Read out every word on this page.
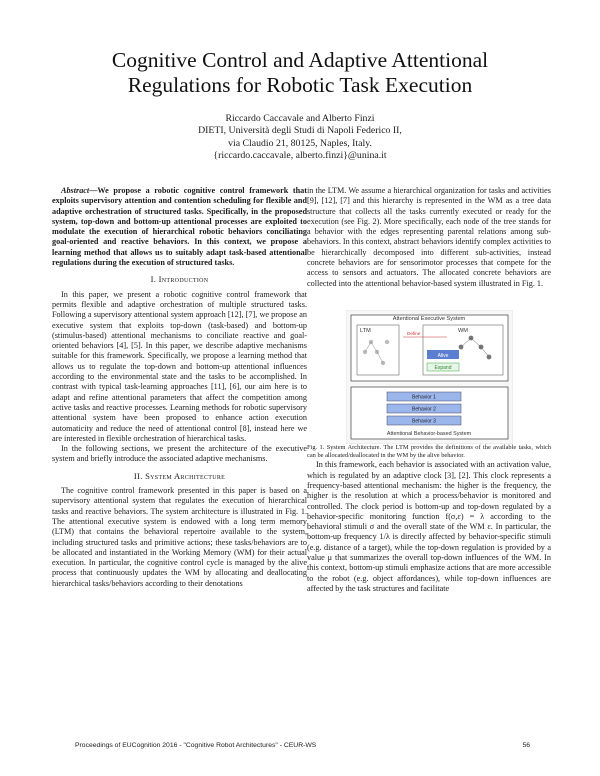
Cognitive Control and Adaptive Attentional
Regulations for Robotic Task Execution
Riccardo Caccavale and Alberto Finzi
DIETI, Università degli Studi di Napoli Federico II,
via Claudio 21, 80125, Naples, Italy.
{riccardo.caccavale, alberto.finzi}@unina.it

Abstract—We propose a robotic cognitive control framework that exploits supervisory attention and contention scheduling for flexible and adaptive orchestration of structured tasks. Specifically, in the proposed system, top-down and bottom-up attentional processes are exploited to modulate the execution of hierarchical robotic behaviors conciliating goal-oriented and reactive behaviors. In this context, we propose a learning method that allows us to suitably adapt task-based attentional regulations during the execution of structured tasks.

I. Introduction

In this paper, we present a robotic cognitive control framework that permits flexible and adaptive orchestration of multiple structured tasks. Following a supervisory attentional system approach [12], [7], we propose an executive system that exploits top-down (task-based) and bottom-up (stimulus-based) attentional mechanisms to conciliate reactive and goal-oriented behaviors [4], [5]. In this paper, we describe adaptive mechanisms suitable for this framework. Specifically, we propose a learning method that allows us to regulate the top-down and bottom-up attentional influences according to the environmental state and the tasks to be accomplished. In contrast with typical task-learning approaches [11], [6], our aim here is to adapt and refine attentional parameters that affect the competition among active tasks and reactive processes. Learning methods for robotic supervisory attentional system have been proposed to enhance action execution automaticity and reduce the need of attentional control [8], instead here we are interested in flexible orchestration of hierarchical tasks.

In the following sections, we present the architecture of the executive system and briefly introduce the associated adaptive mechanisms.

II. System Architecture

The cognitive control framework presented in this paper is based on a supervisory attentional system that regulates the execution of hierarchical tasks and reactive behaviors. The system architecture is illustrated in Fig. 1. The attentional executive system is endowed with a long term memory (LTM) that contains the behavioral repertoire available to the system, including structured tasks and primitive actions; these tasks/behaviors are to be allocated and instantiated in the Working Memory (WM) for their actual execution. In particular, the cognitive control cycle is managed by the alive process that continuously updates the WM by allocating and deallocating hierarchical tasks/behaviors according to their denotations

in the LTM. We assume a hierarchical organization for tasks and activities [9], [12], [7] and this hierarchy is represented in the WM as a tree data structure that collects all the tasks currently executed or ready for the execution (see Fig. 2). More specifically, each node of the tree stands for a behavior with the edges representing parental relations among sub-behaviors. In this context, abstract behaviors identify complex activities to be hierarchically decomposed into different sub-activities, instead concrete behaviors are for sensorimotor processes that compete for the access to sensors and actuators. The allocated concrete behaviors are collected into the attentional behavior-based system illustrated in Fig. 1.

Attentional Executive System
LTM	WM
Define
Alive
Expand
Behavior 1
Behavior 2
Behavior 3
Attentional Behavior-based System

Fig. 1. System Architecture. The LTM provides the definitions of the available tasks, which can be allocated/deallocated in the WM by the alive behavior.

In this framework, each behavior is associated with an activation value, which is regulated by an adaptive clock [3], [2]. This clock represents a frequency-based attentional mechanism: the higher is the frequency, the higher is the resolution at which a process/behavior is monitored and controlled. The clock period is bottom-up and top-down regulated by a behavior-specific monitoring function f(σ,ε) = λ according to the behavioral stimuli σ and the overall state of the WM ε. In particular, the bottom-up frequency 1/λ is directly affected by behavior-specific stimuli (e.g. distance of a target), while the top-down regulation is provided by a value μ that summarizes the overall top-down influences of the WM. In this context, bottom-up stimuli emphasize actions that are more accessible to the robot (e.g. object affordances), while top-down influences are affected by the task structures and facilitate

Proceedings of EUCognition 2016 - "Cognitive Robot Architectures" - CEUR-WS	56
